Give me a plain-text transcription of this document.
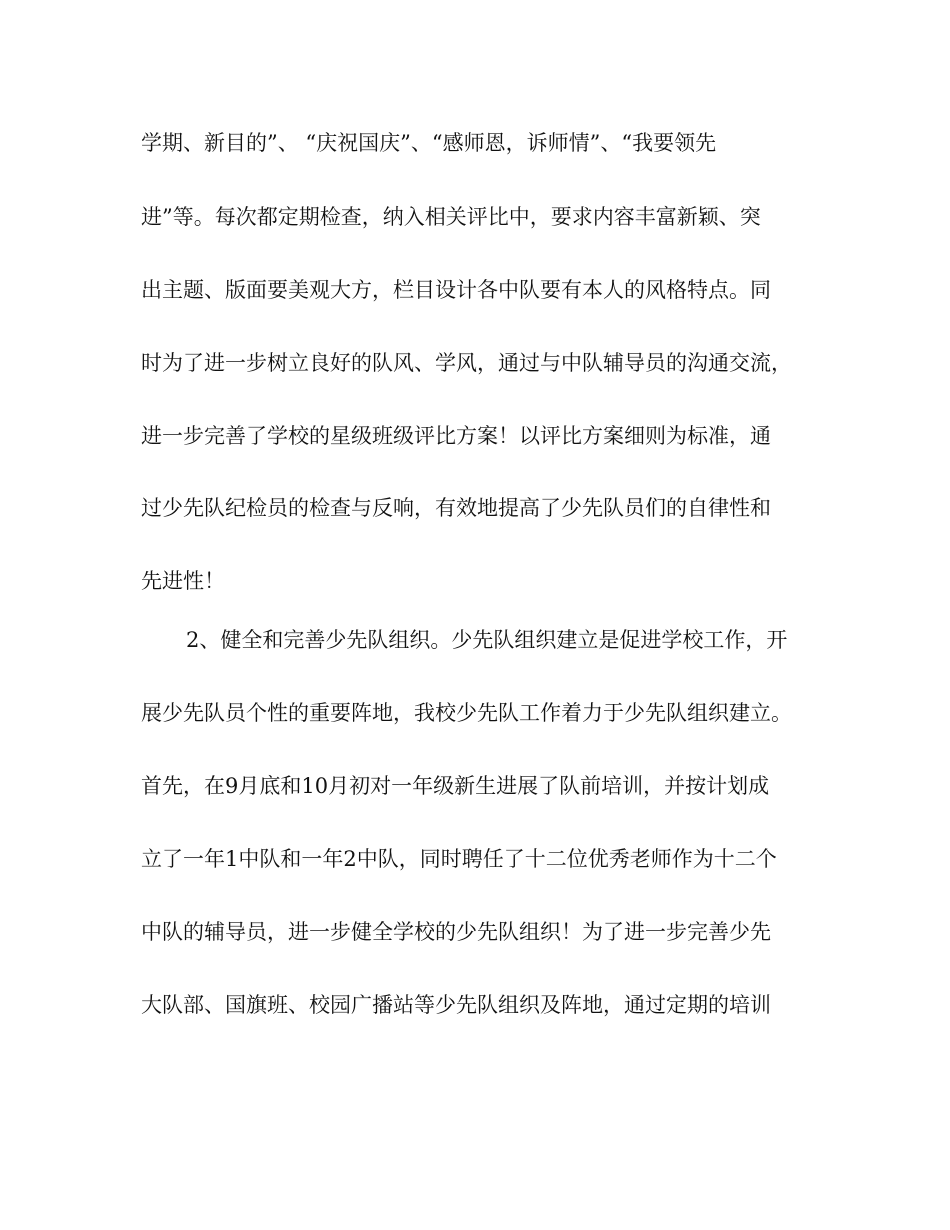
学期、新目的”、 “庆祝国庆”、“感师恩，诉师情”、“我要领先
进”等。每次都定期检查，纳入相关评比中，要求内容丰富新颖、突
出主题、版面要美观大方，栏目设计各中队要有本人的风格特点。同
时为了进一步树立良好的队风、学风，通过与中队辅导员的沟通交流，
进一步完善了学校的星级班级评比方案！以评比方案细则为标准，通
过少先队纪检员的检查与反响，有效地提高了少先队员们的自律性和
先进性！
2、健全和完善少先队组织。少先队组织建立是促进学校工作，开
展少先队员个性的重要阵地，我校少先队工作着力于少先队组织建立。
首先，在9月底和10月初对一年级新生进展了队前培训，并按计划成
立了一年1中队和一年2中队，同时聘任了十二位优秀老师作为十二个
中队的辅导员，进一步健全学校的少先队组织！为了进一步完善少先
大队部、国旗班、校园广播站等少先队组织及阵地，通过定期的培训
